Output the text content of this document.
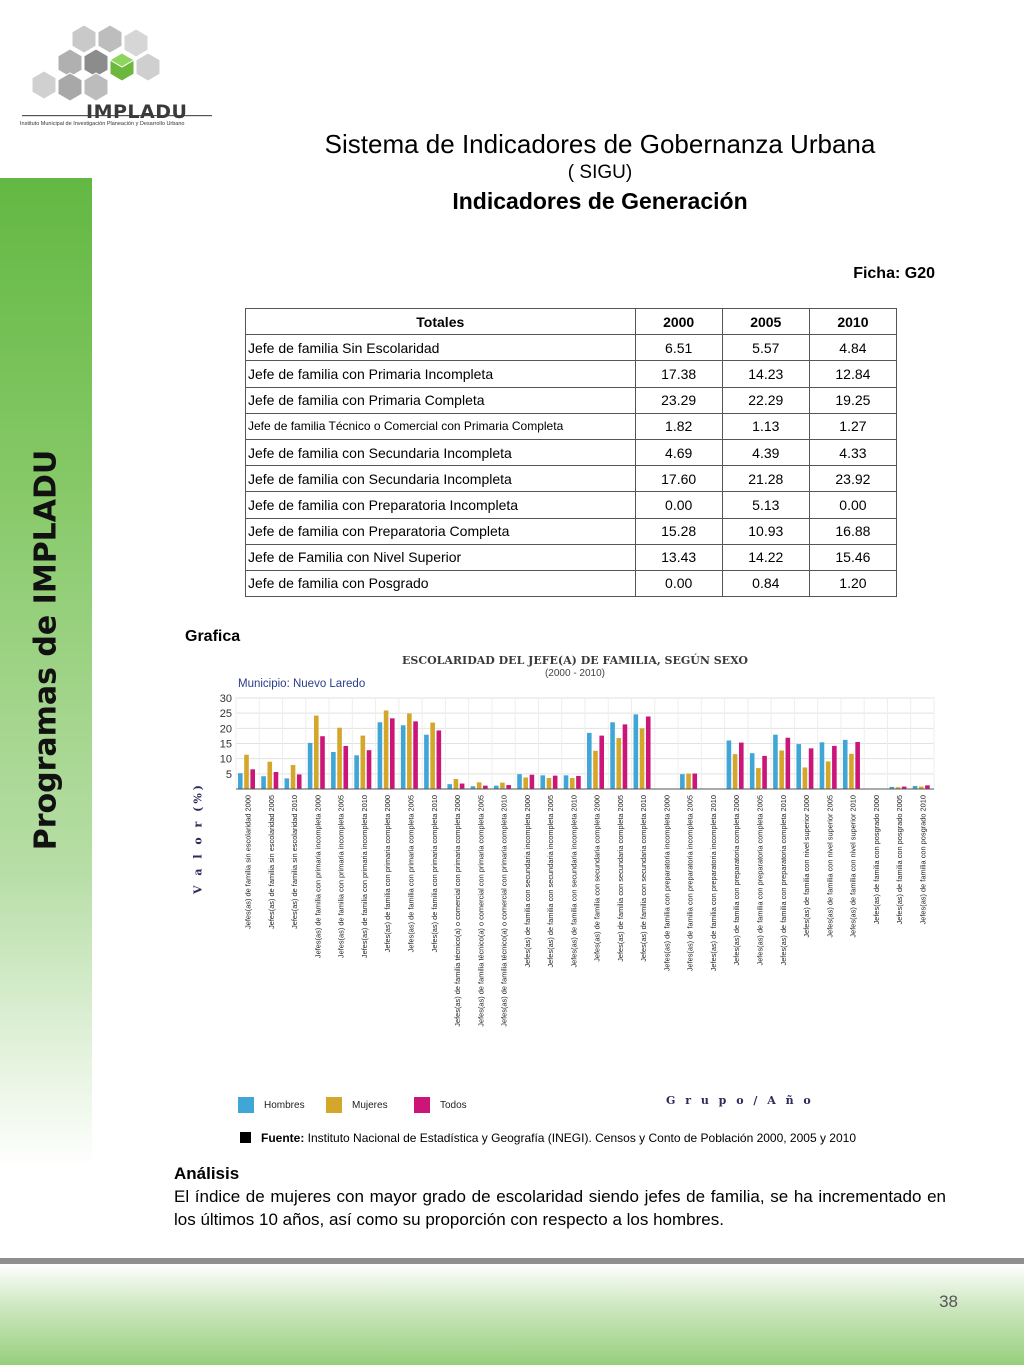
Programas de IMPLADU
IMPLADU
Instituto Municipal de Investigación Planeación y Desarrollo Urbano
Sistema de Indicadores de Gobernanza Urbana
( SIGU)
Indicadores de Generación
Ficha: G20
Totales	2000	2005	2010
Jefe de familia Sin Escolaridad	6.51	5.57	4.84
Jefe de familia con Primaria Incompleta	17.38	14.23	12.84
Jefe de familia con Primaria Completa	23.29	22.29	19.25
Jefe de familia Técnico o Comercial con Primaria Completa	1.82	1.13	1.27
Jefe de familia con Secundaria Incompleta	4.69	4.39	4.33
Jefe de familia con Secundaria Incompleta	17.60	21.28	23.92
Jefe de familia con Preparatoria Incompleta	0.00	5.13	0.00
Jefe de familia con Preparatoria Completa	15.28	10.93	16.88
Jefe de Familia con Nivel Superior	13.43	14.22	15.46
Jefe de familia con Posgrado	0.00	0.84	1.20
Grafica
ESCOLARIDAD DEL JEFE(A) DE FAMILIA, SEGÚN SEXO
(2000 - 2010)
Municipio: Nuevo Laredo
5
10
15
20
25
30
Jefes(as) de familia sin escolaridad 2000 Jefes(as) de familia sin escolaridad 2005 Jefes(as) de familia sin escolaridad 2010 Jefes(as) de familia con primaria incompleta 2000 Jefes(as) de familia con primaria incompleta 2005 Jefes(as) de familia con primaria incompleta 2010 Jefes(as) de familia con primaria completa 2000 Jefes(as) de familia con primaria completa 2005 Jefes(as) de familia con primaria completa 2010 Jefes(as) de familia técnico(a) o comercial con primaria completa 2000 Jefes(as) de familia técnico(a) o comercial con primaria completa 2005 Jefes(as) de familia técnico(a) o comercial con primaria completa 2010 Jefes(as) de familia con secundaria incompleta 2000 Jefes(as) de familia con secundaria incompleta 2005 Jefes(as) de familia con secundaria incompleta 2010 Jefes(as) de familia con secundaria completa 2000 Jefes(as) de familia con secundaria completa 2005 Jefes(as) de familia con secundaria completa 2010 Jefes(as) de familia con preparatoria incompleta 2000 Jefes(as) de familia con preparatoria incompleta 2005 Jefes(as) de familia con preparatoria incompleta 2010 Jefes(as) de familia con preparatoria completa 2000 Jefes(as) de familia con preparatoria completa 2005 Jefes(as) de familia con preparatoria completa 2010 Jefes(as) de familia con nivel superior 2000 Jefes(as) de familia con nivel superior 2005 Jefes(as) de familia con nivel superior 2010 Jefes(as) de familia con posgrado 2000 Jefes(as) de familia con posgrado 2005 Jefes(as) de familia con posgrado 2010
V a l o r (%)
G r u p o / A ñ o
Hombres	Mujeres	Todos
Fuente: Instituto Nacional de Estadística y Geografía (INEGI). Censos y Conto de Población 2000, 2005 y 2010
Análisis
El índice de mujeres con mayor grado de escolaridad siendo jefes de familia, se ha incrementado en los últimos 10 años, así como su proporción con respecto a los hombres.
38
